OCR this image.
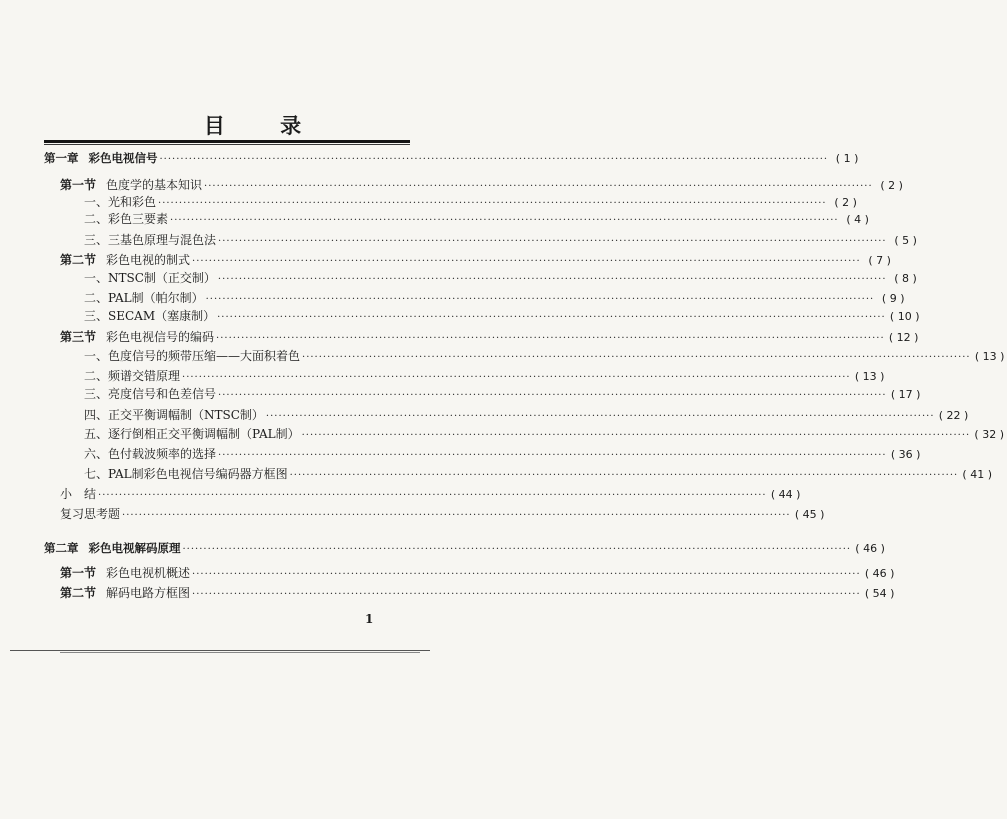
目 录
第一章 彩色电视信号 ································································································································································	( 1 )
第一节 色度学的基本知识 ································································································································································	( 2 )
一、光和彩色 ································································································································································	( 2 )
二、彩色三要素 ································································································································································	( 4 )
三、三基色原理与混色法 ································································································································································	( 5 )
第二节 彩色电视的制式 ································································································································································	( 7 )
一、NTSC制（正交制） ································································································································································	( 8 )
二、PAL制（帕尔制） ································································································································································	( 9 )
三、SECAM（塞康制） ································································································································································	( 10 )
第三节 彩色电视信号的编码 ································································································································································	( 12 )
一、色度信号的频带压缩——大面积着色 ································································································································································	( 13 )
二、频谱交错原理 ································································································································································	( 13 )
三、亮度信号和色差信号 ································································································································································	( 17 )
四、正交平衡调幅制（NTSC制） ································································································································································	( 22 )
五、逐行倒相正交平衡调幅制（PAL制） ································································································································································	( 32 )
六、色付载波频率的选择 ································································································································································	( 36 )
七、PAL制彩色电视信号编码器方框图 ································································································································································	( 41 )
小　结 ································································································································································	( 44 )
复习思考题 ································································································································································	( 45 )
第二章 彩色电视解码原理 ································································································································································	( 46 )
第一节 彩色电视机概述 ································································································································································	( 46 )
第二节 解码电路方框图 ································································································································································	( 54 )
1
